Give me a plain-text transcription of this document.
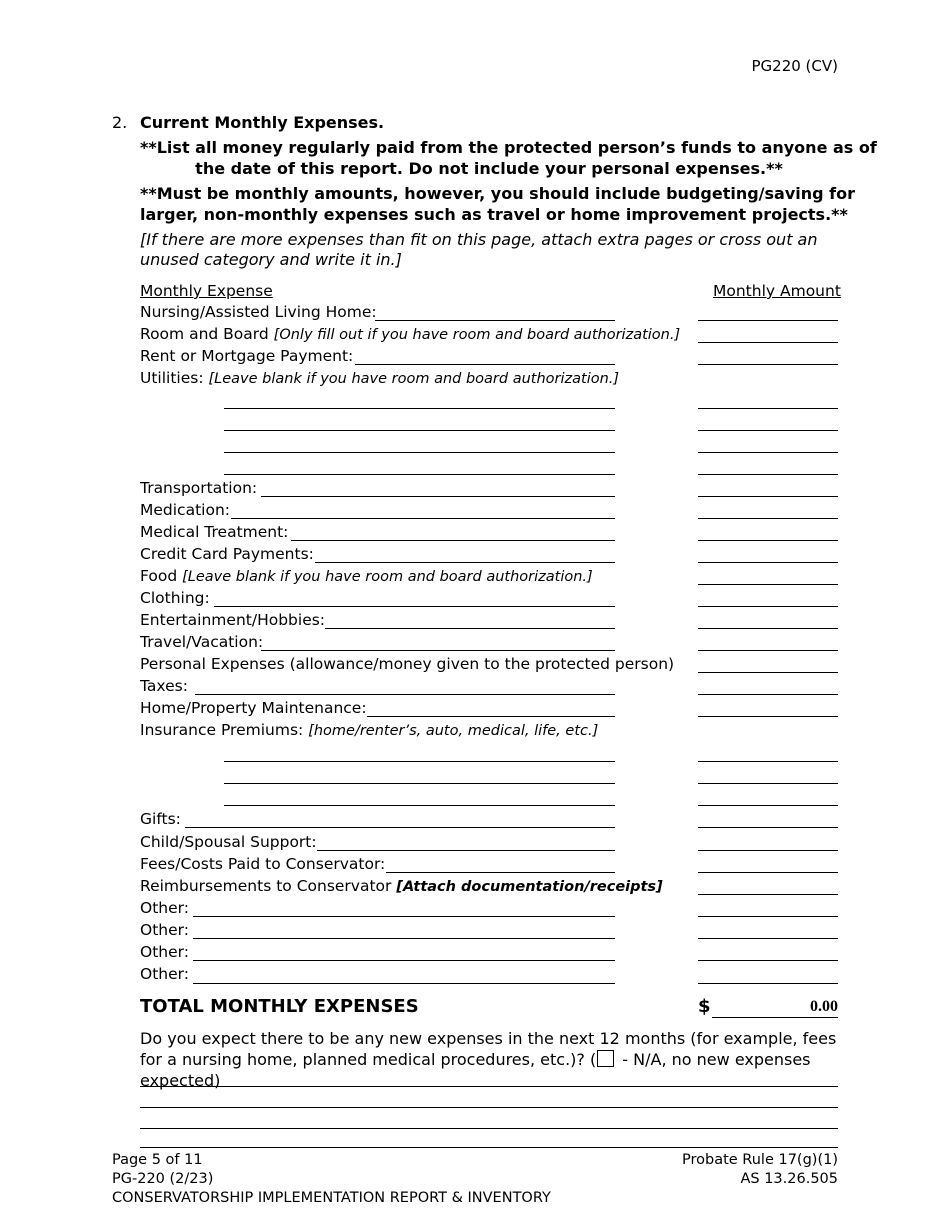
PG220 (CV)
2. Current Monthly Expenses.
**List all money regularly paid from the protected person’s funds to anyone as of
the date of this report. Do not include your personal expenses.**
**Must be monthly amounts, however, you should include budgeting/saving for
larger, non-monthly expenses such as travel or home improvement projects.**
[If there are more expenses than fit on this page, attach extra pages or cross out an unused category and write it in.]
Monthly Expense	Monthly Amount
Nursing/Assisted Living Home:
Room and Board [Only fill out if you have room and board authorization.]
Rent or Mortgage Payment:
Utilities: [Leave blank if you have room and board authorization.]
Transportation:
Medication:
Medical Treatment:
Credit Card Payments:
Food [Leave blank if you have room and board authorization.]
Clothing:
Entertainment/Hobbies:
Travel/Vacation:
Personal Expenses (allowance/money given to the protected person)
Taxes:
Home/Property Maintenance:
Insurance Premiums: [home/renter’s, auto, medical, life, etc.]
Gifts:
Child/Spousal Support:
Fees/Costs Paid to Conservator:
Reimbursements to Conservator [Attach documentation/receipts]
Other:
Other:
Other:
Other:
TOTAL MONTHLY EXPENSES	$	0.00
Do you expect there to be any new expenses in the next 12 months (for example, fees for a nursing home, planned medical procedures, etc.)? ( - N/A, no new expenses expected)
Page 5 of 11
PG-220 (2/23)
CONSERVATORSHIP IMPLEMENTATION REPORT & INVENTORY
Probate Rule 17(g)(1)
AS 13.26.505
